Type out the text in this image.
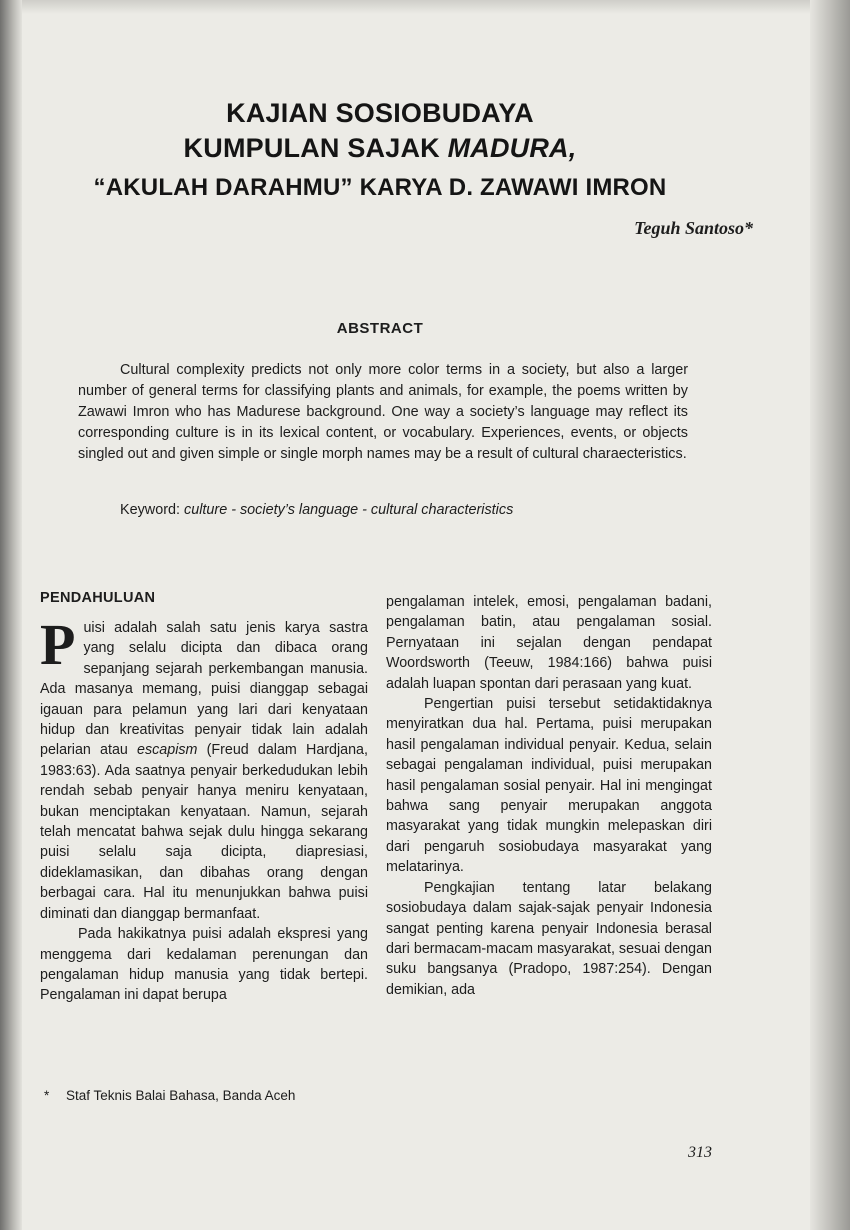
KAJIAN SOSIOBUDAYA
KUMPULAN SAJAK MADURA,
“AKULAH DARAHMU” KARYA D. ZAWAWI IMRON
Teguh Santoso*
ABSTRACT

Cultural complexity predicts not only more color terms in a society, but also a larger number of general terms for classifying plants and animals, for example, the poems written by Zawawi Imron who has Madurese background. One way a society’s language may reflect its corresponding culture is in its lexical content, or vocabulary. Experiences, events, or objects singled out and given simple or single morph names may be a result of cultural charaecteristics.

Keyword: culture - society’s language - cultural characteristics

PENDAHULUAN

Puisi adalah salah satu jenis karya sastra yang selalu dicipta dan dibaca orang sepanjang sejarah perkembangan manusia. Ada masanya memang, puisi dianggap sebagai igauan para pelamun yang lari dari kenyataan hidup dan kreativitas penyair tidak lain adalah pelarian atau escapism (Freud dalam Hardjana, 1983:63). Ada saatnya penyair berkedudukan lebih rendah sebab penyair hanya meniru kenyataan, bukan menciptakan kenyataan. Namun, sejarah telah mencatat bahwa sejak dulu hingga sekarang puisi selalu saja dicipta, diapresiasi, dideklamasikan, dan dibahas orang dengan berbagai cara. Hal itu menunjukkan bahwa puisi diminati dan dianggap bermanfaat.

Pada hakikatnya puisi adalah ekspresi yang menggema dari kedalaman perenungan dan pengalaman hidup manusia yang tidak bertepi. Pengalaman ini dapat berupa

pengalaman intelek, emosi, pengalaman badani, pengalaman batin, atau pengalaman sosial. Pernyataan ini sejalan dengan pendapat Woordsworth (Teeuw, 1984:166) bahwa puisi adalah luapan spontan dari perasaan yang kuat.

Pengertian puisi tersebut setidaktidaknya menyiratkan dua hal. Pertama, puisi merupakan hasil pengalaman individual penyair. Kedua, selain sebagai pengalaman individual, puisi merupakan hasil pengalaman sosial penyair. Hal ini mengingat bahwa sang penyair merupakan anggota masyarakat yang tidak mungkin melepaskan diri dari pengaruh sosiobudaya masyarakat yang melatarinya.

Pengkajian tentang latar belakang sosiobudaya dalam sajak-sajak penyair Indonesia sangat penting karena penyair Indonesia berasal dari bermacam-macam masyarakat, sesuai dengan suku bangsanya (Pradopo, 1987:254). Dengan demikian, ada

* Staf Teknis Balai Bahasa, Banda Aceh
313
